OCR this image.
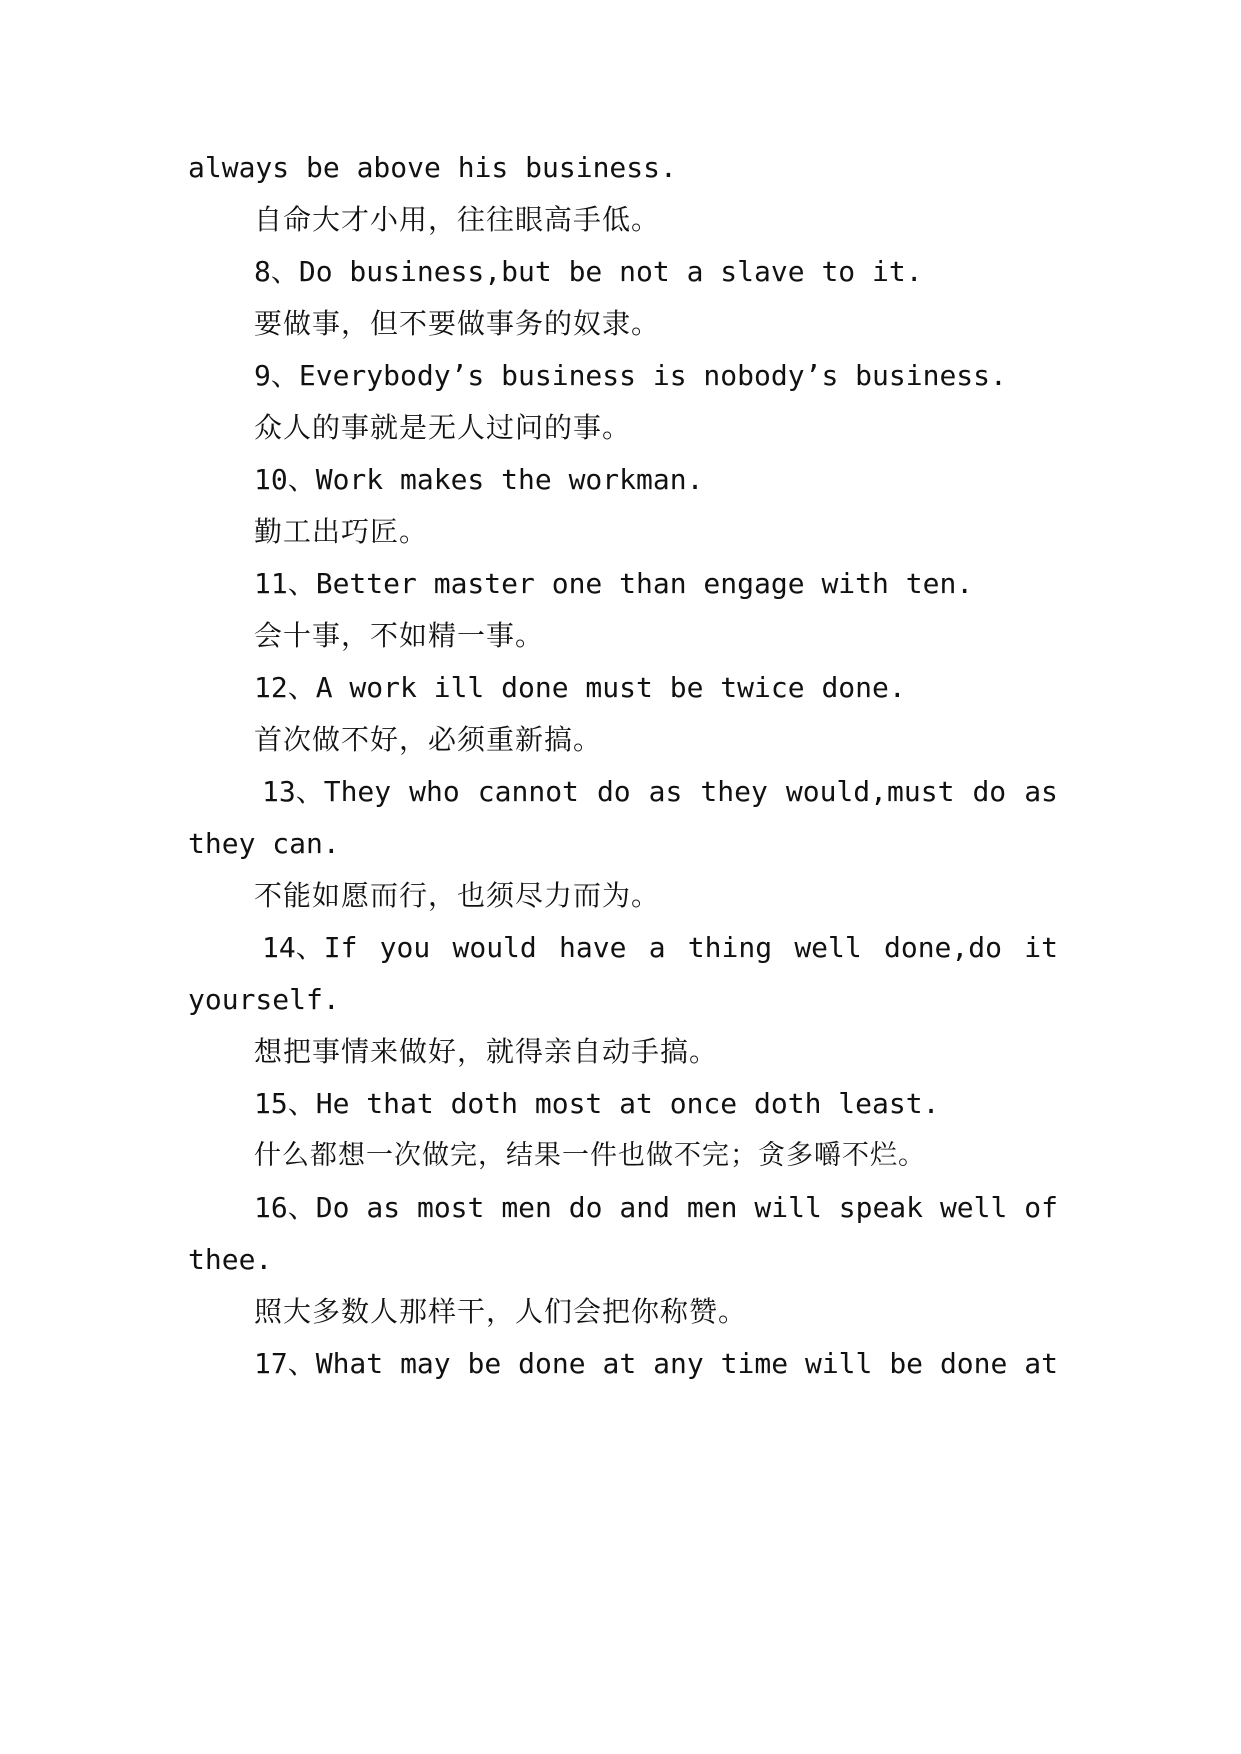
always be above his business.
自命大才小用，往往眼高手低。
8、Do business,but be not a slave to it.
要做事，但不要做事务的奴隶。
9、Everybody’s business is nobody’s business.
众人的事就是无人过问的事。
10、Work makes the workman.
勤工出巧匠。
11、Better master one than engage with ten.
会十事，不如精一事。
12、A work ill done must be twice done.
首次做不好，必须重新搞。
13、They who cannot do as they would,must do as
they can.
不能如愿而行，也须尽力而为。
14、If you would have a thing well done,do it
yourself.
想把事情来做好，就得亲自动手搞。
15、He that doth most at once doth least.
什么都想一次做完，结果一件也做不完；贪多嚼不烂。
16、Do as most men do and men will speak well of
thee.
照大多数人那样干，人们会把你称赞。
17、What may be done at any time will be done at
